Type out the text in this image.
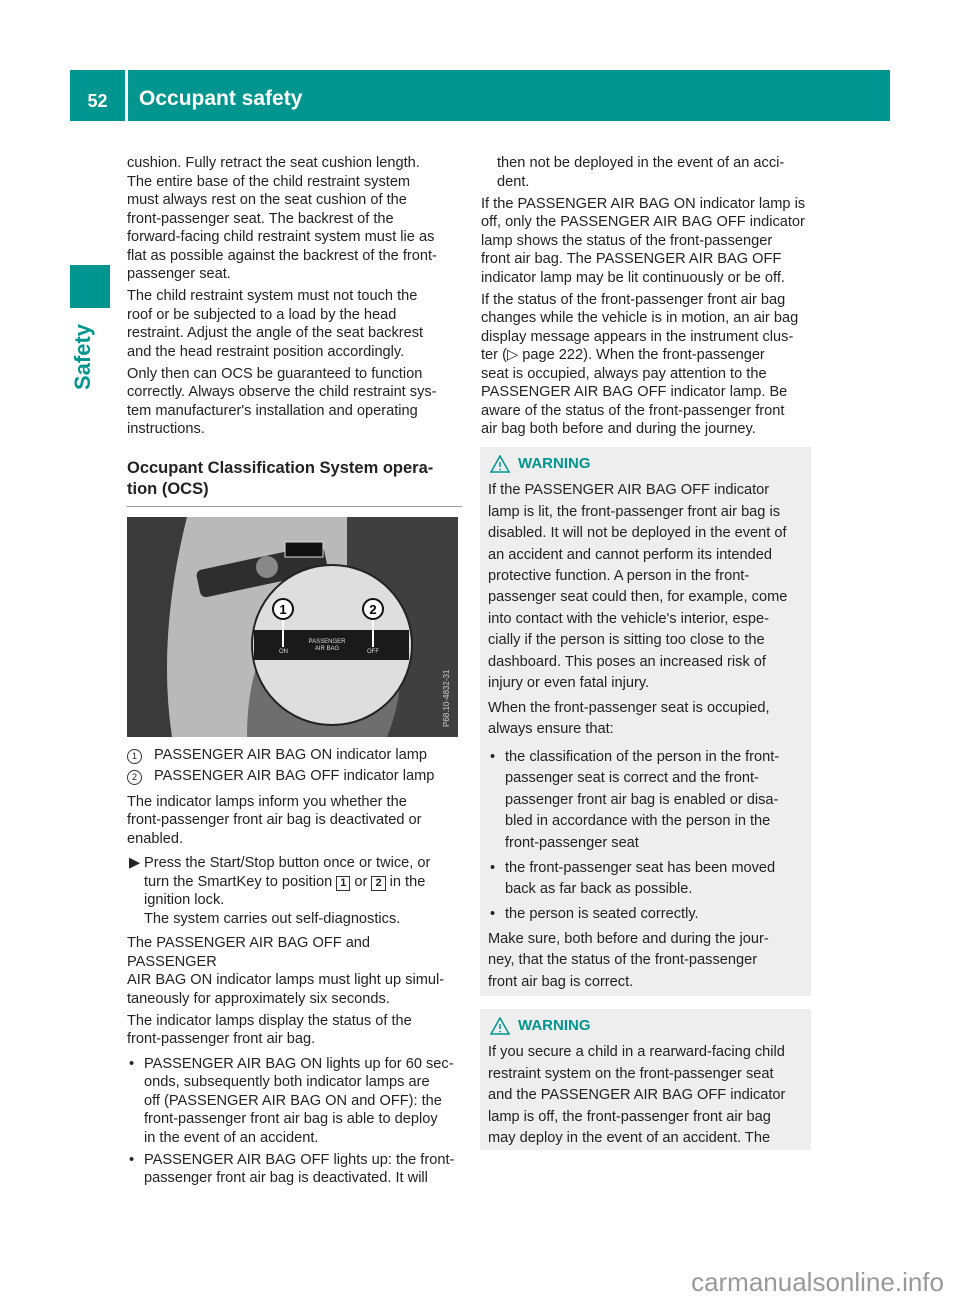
52	Occupant safety
Safety

cushion. Fully retract the seat cushion length.
The entire base of the child restraint system
must always rest on the seat cushion of the
front-passenger seat. The backrest of the
forward-facing child restraint system must lie as
flat as possible against the backrest of the front-
passenger seat.

The child restraint system must not touch the
roof or be subjected to a load by the head
restraint. Adjust the angle of the seat backrest
and the head restraint position accordingly.

Only then can OCS be guaranteed to function
correctly. Always observe the child restraint sys-
tem manufacturer's installation and operating
instructions.

Occupant Classification System opera-
tion (OCS)
PASSENGER
AIR BAG
ON	OFF
1	2
P68.10-4832-31
1	PASSENGER AIR BAG ON indicator lamp
2	PASSENGER AIR BAG OFF indicator lamp

The indicator lamps inform you whether the
front-passenger front air bag is deactivated or
enabled.

▶ Press the Start/Stop button once or twice, or
turn the SmartKey to position 1 or 2 in the
ignition lock.
The system carries out self-diagnostics.

The PASSENGER AIR BAG OFF and PASSENGER
AIR BAG ON indicator lamps must light up simul-
taneously for approximately six seconds.

The indicator lamps display the status of the
front-passenger front air bag.

• PASSENGER AIR BAG ON lights up for 60 sec-
onds, subsequently both indicator lamps are
off (PASSENGER AIR BAG ON and OFF): the
front-passenger front air bag is able to deploy
in the event of an accident.
• PASSENGER AIR BAG OFF lights up: the front-
passenger front air bag is deactivated. It will

then not be deployed in the event of an acci-
dent.

If the PASSENGER AIR BAG ON indicator lamp is
off, only the PASSENGER AIR BAG OFF indicator
lamp shows the status of the front-passenger
front air bag. The PASSENGER AIR BAG OFF
indicator lamp may be lit continuously or be off.

If the status of the front-passenger front air bag
changes while the vehicle is in motion, an air bag
display message appears in the instrument clus-
ter (▷ page 222). When the front-passenger
seat is occupied, always pay attention to the
PASSENGER AIR BAG OFF indicator lamp. Be
aware of the status of the front-passenger front
air bag both before and during the journey.

WARNING

If the PASSENGER AIR BAG OFF indicator
lamp is lit, the front-passenger front air bag is
disabled. It will not be deployed in the event of
an accident and cannot perform its intended
protective function. A person in the front-
passenger seat could then, for example, come
into contact with the vehicle's interior, espe-
cially if the person is sitting too close to the
dashboard. This poses an increased risk of
injury or even fatal injury.

When the front-passenger seat is occupied,
always ensure that:

• the classification of the person in the front-
passenger seat is correct and the front-
passenger front air bag is enabled or disa-
bled in accordance with the person in the
front-passenger seat
• the front-passenger seat has been moved
back as far back as possible.
• the person is seated correctly.

Make sure, both before and during the jour-
ney, that the status of the front-passenger
front air bag is correct.

WARNING

If you secure a child in a rearward-facing child
restraint system on the front-passenger seat
and the PASSENGER AIR BAG OFF indicator
lamp is off, the front-passenger front air bag
may deploy in the event of an accident. The

carmanualsonline.info
